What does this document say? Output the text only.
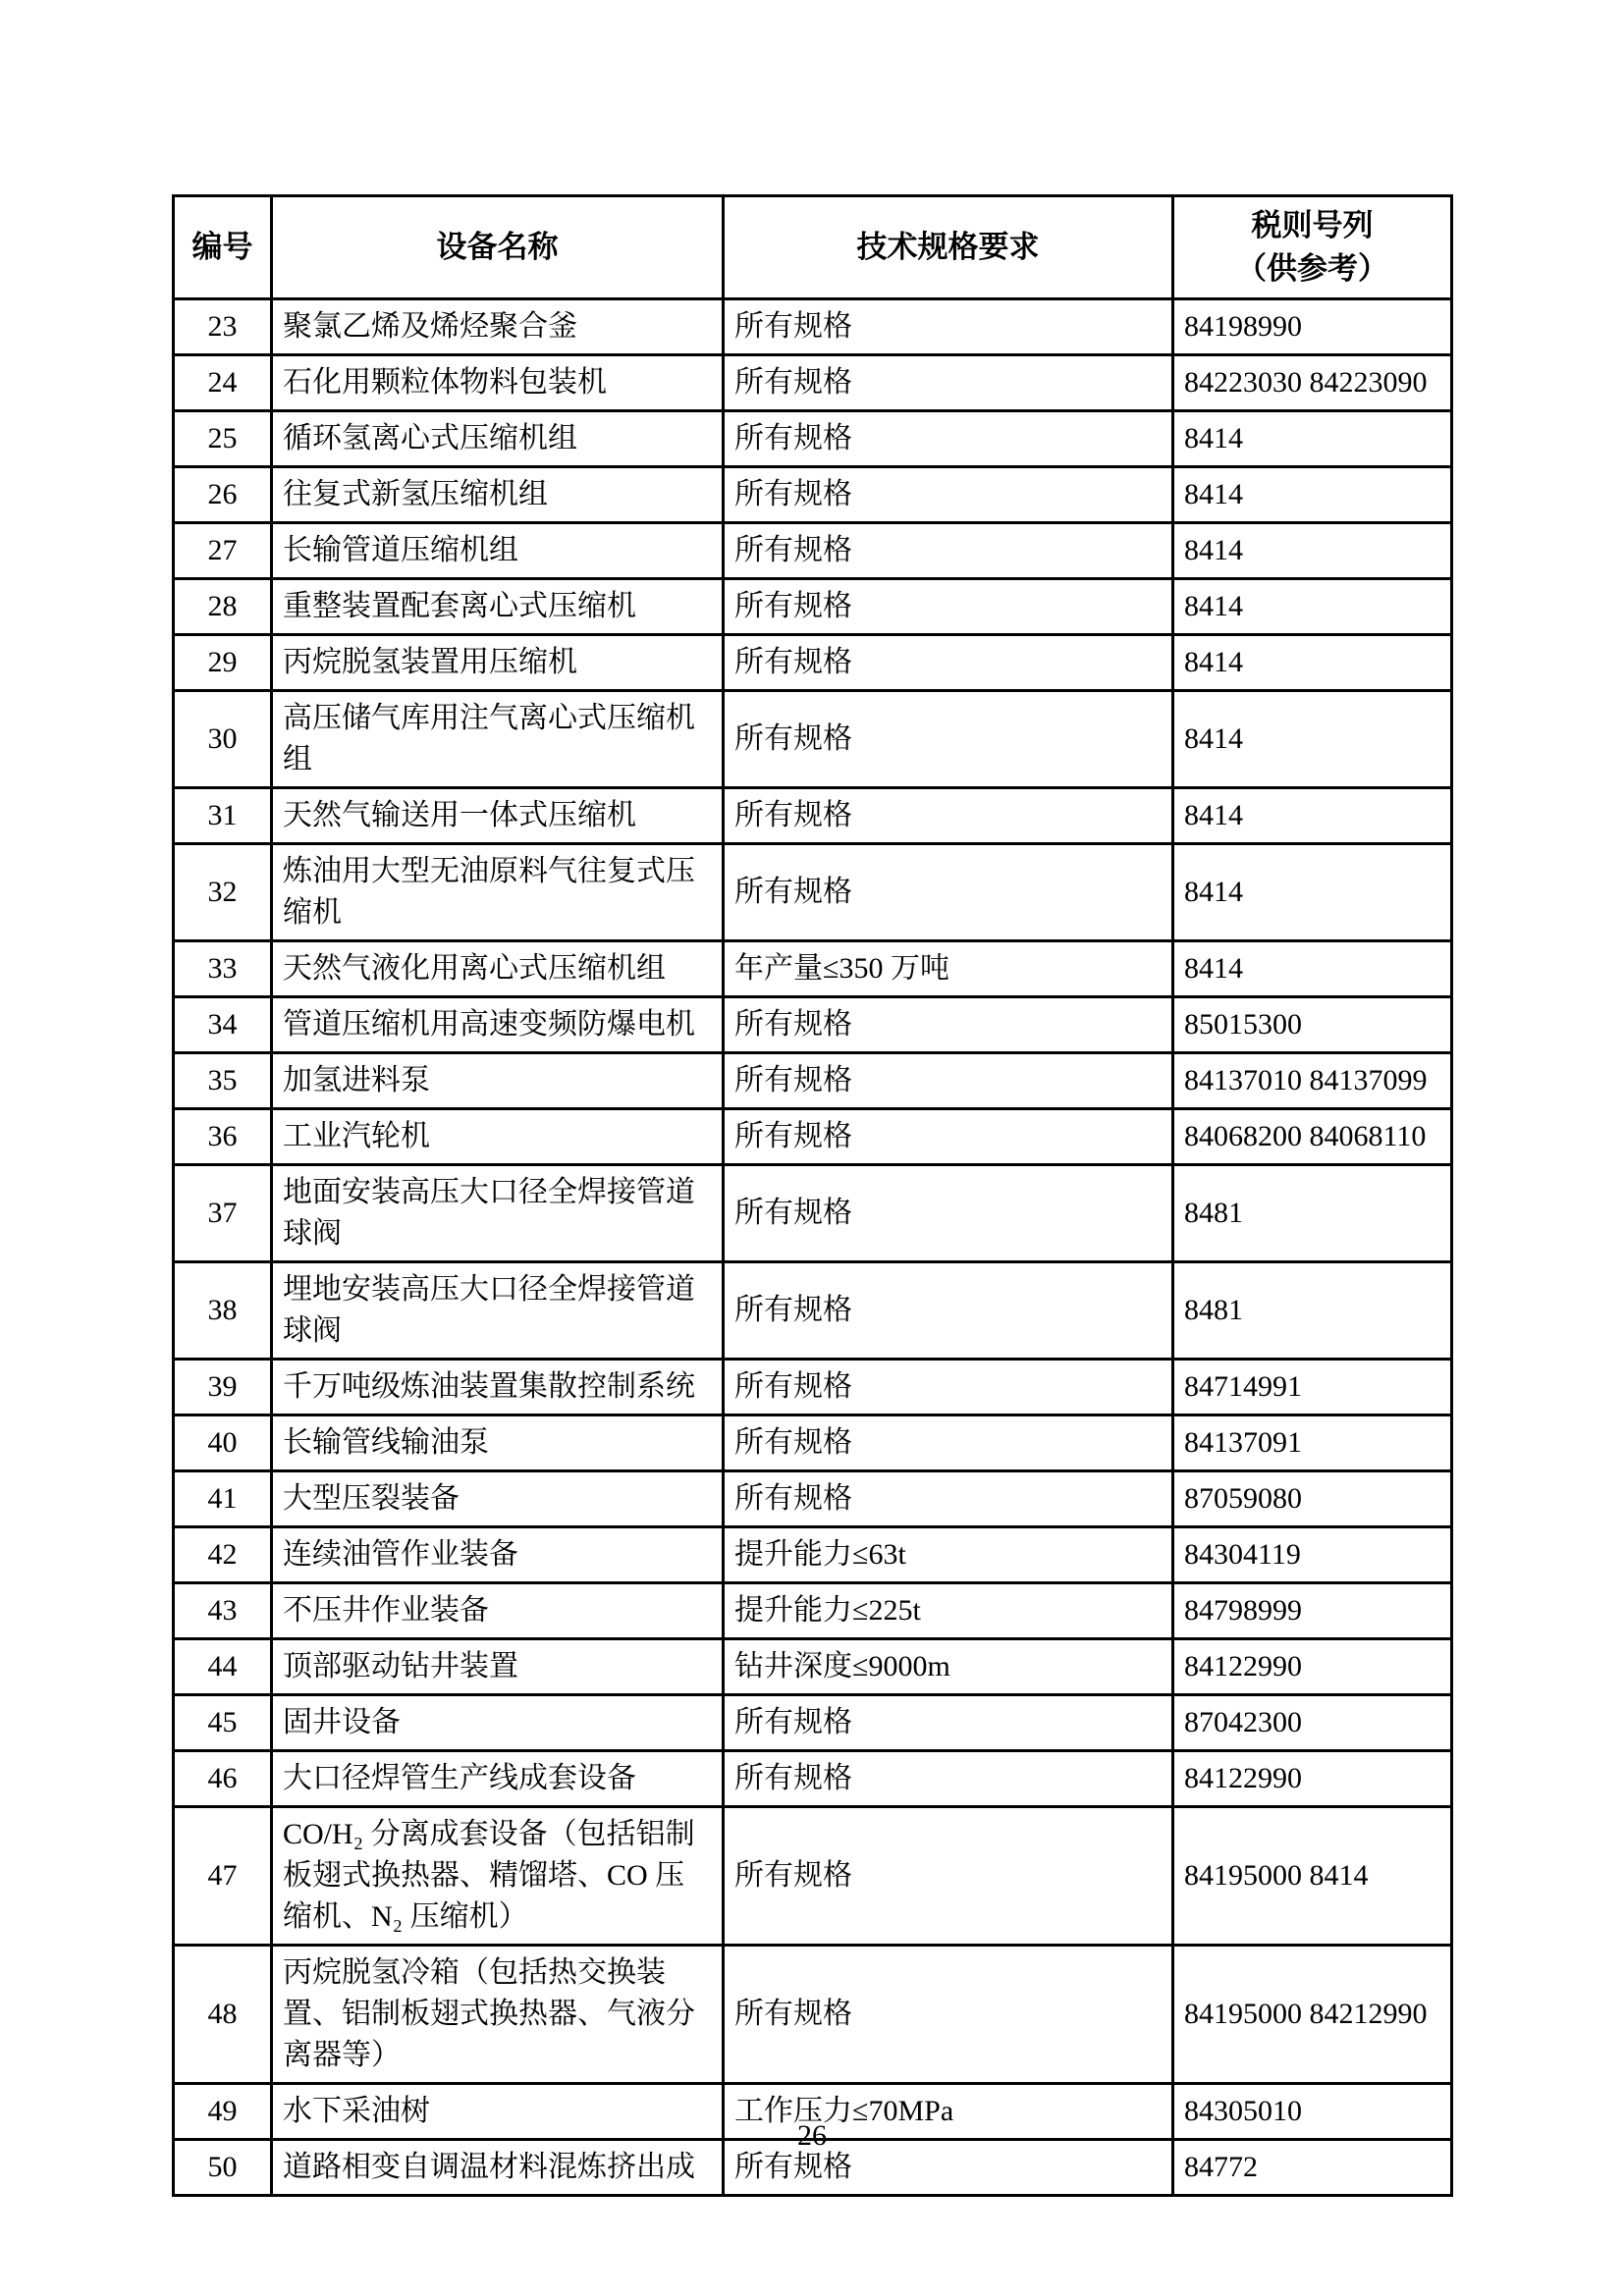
编号	设备名称	技术规格要求	税则号列
（供参考）

23	聚氯乙烯及烯烃聚合釜	所有规格	84198990
24	石化用颗粒体物料包装机	所有规格	84223030 84223090
25	循环氢离心式压缩机组	所有规格	8414
26	往复式新氢压缩机组	所有规格	8414
27	长输管道压缩机组	所有规格	8414
28	重整装置配套离心式压缩机	所有规格	8414
29	丙烷脱氢装置用压缩机	所有规格	8414
30	高压储气库用注气离心式压缩机组	所有规格	8414
31	天然气输送用一体式压缩机	所有规格	8414
32	炼油用大型无油原料气往复式压缩机	所有规格	8414
33	天然气液化用离心式压缩机组	年产量≤350 万吨	8414
34	管道压缩机用高速变频防爆电机	所有规格	85015300
35	加氢进料泵	所有规格	84137010 84137099
36	工业汽轮机	所有规格	84068200 84068110
37	地面安装高压大口径全焊接管道球阀	所有规格	8481
38	埋地安装高压大口径全焊接管道球阀	所有规格	8481
39	千万吨级炼油装置集散控制系统	所有规格	84714991
40	长输管线输油泵	所有规格	84137091
41	大型压裂装备	所有规格	87059080
42	连续油管作业装备	提升能力≤63t	84304119
43	不压井作业装备	提升能力≤225t	84798999
44	顶部驱动钻井装置	钻井深度≤9000m	84122990
45	固井设备	所有规格	87042300
46	大口径焊管生产线成套设备	所有规格	84122990
47	CO/H₂ 分离成套设备（包括铝制板翅式换热器、精馏塔、CO 压缩机、N₂ 压缩机）	所有规格	84195000 8414
48	丙烷脱氢冷箱（包括热交换装置、铝制板翅式换热器、气液分离器等）	所有规格	84195000 84212990
49	水下采油树	工作压力≤70MPa	84305010
50	道路相变自调温材料混炼挤出成	所有规格	84772
26
